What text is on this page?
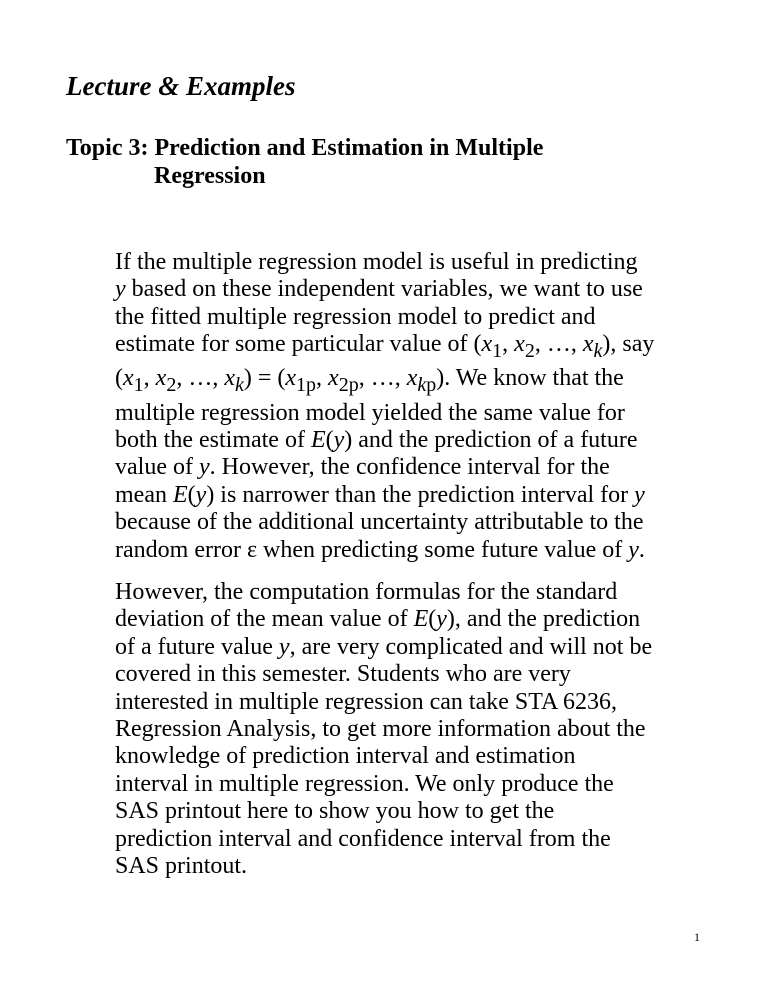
Lecture & Examples
Topic 3: Prediction and Estimation in Multiple
Regression
If the multiple regression model is useful in predicting
y based on these independent variables, we want to use
the fitted multiple regression model to predict and
estimate for some particular value of ($x_1$, $x_2$, …, $x_k$), say
($x_1$, $x_2$, …, $x_k) = (x_{1p}$, $x_{2p}$, …, $x_{kp}$). We know that the
multiple regression model yielded the same value for
both the estimate of E(y) and the prediction of a future
value of y. However, the confidence interval for the
mean E(y) is narrower than the prediction interval for y
because of the additional uncertainty attributable to the
random error ε when predicting some future value of y.
However, the computation formulas for the standard
deviation of the mean value of E(y), and the prediction
of a future value y, are very complicated and will not be
covered in this semester. Students who are very
interested in multiple regression can take STA 6236,
Regression Analysis, to get more information about the
knowledge of prediction interval and estimation
interval in multiple regression. We only produce the
SAS printout here to show you how to get the
prediction interval and confidence interval from the
SAS printout.
1
